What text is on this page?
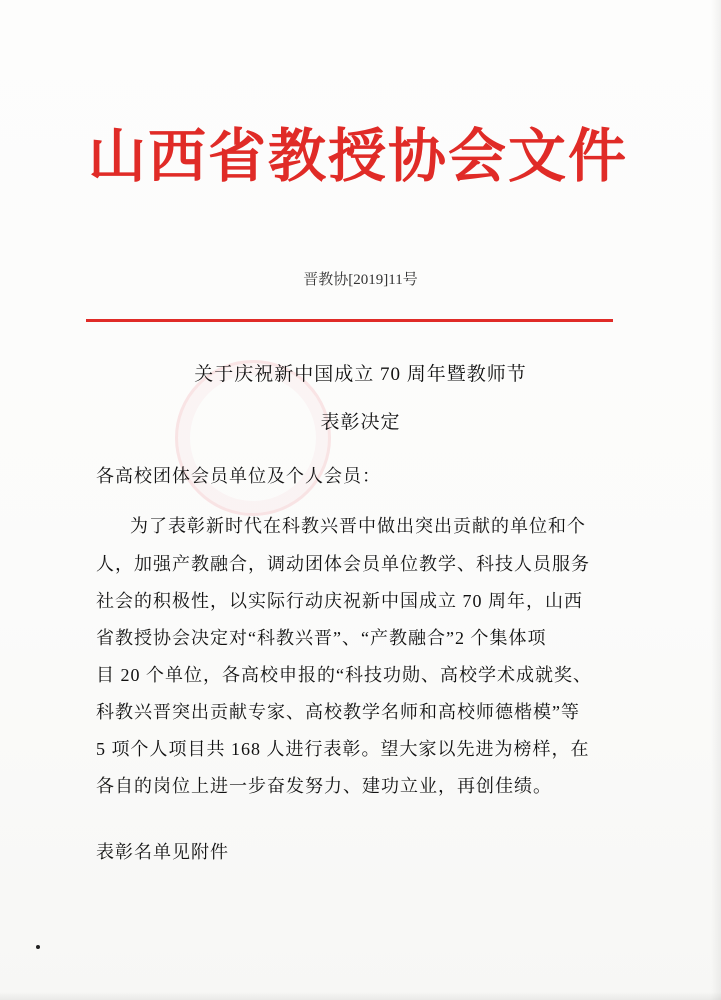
山西省教授协会文件
晋教协[2019]11号
关于庆祝新中国成立 70 周年暨教师节
表彰决定
各高校团体会员单位及个人会员：
为了表彰新时代在科教兴晋中做出突出贡献的单位和个
人，加强产教融合，调动团体会员单位教学、科技人员服务
社会的积极性，以实际行动庆祝新中国成立 70 周年，山西
省教授协会决定对“科教兴晋”、“产教融合”2 个集体项
目 20 个单位，各高校申报的“科技功勋、高校学术成就奖、
科教兴晋突出贡献专家、高校教学名师和高校师德楷模”等
5 项个人项目共 168 人进行表彰。望大家以先进为榜样，在
各自的岗位上进一步奋发努力、建功立业，再创佳绩。
表彰名单见附件
